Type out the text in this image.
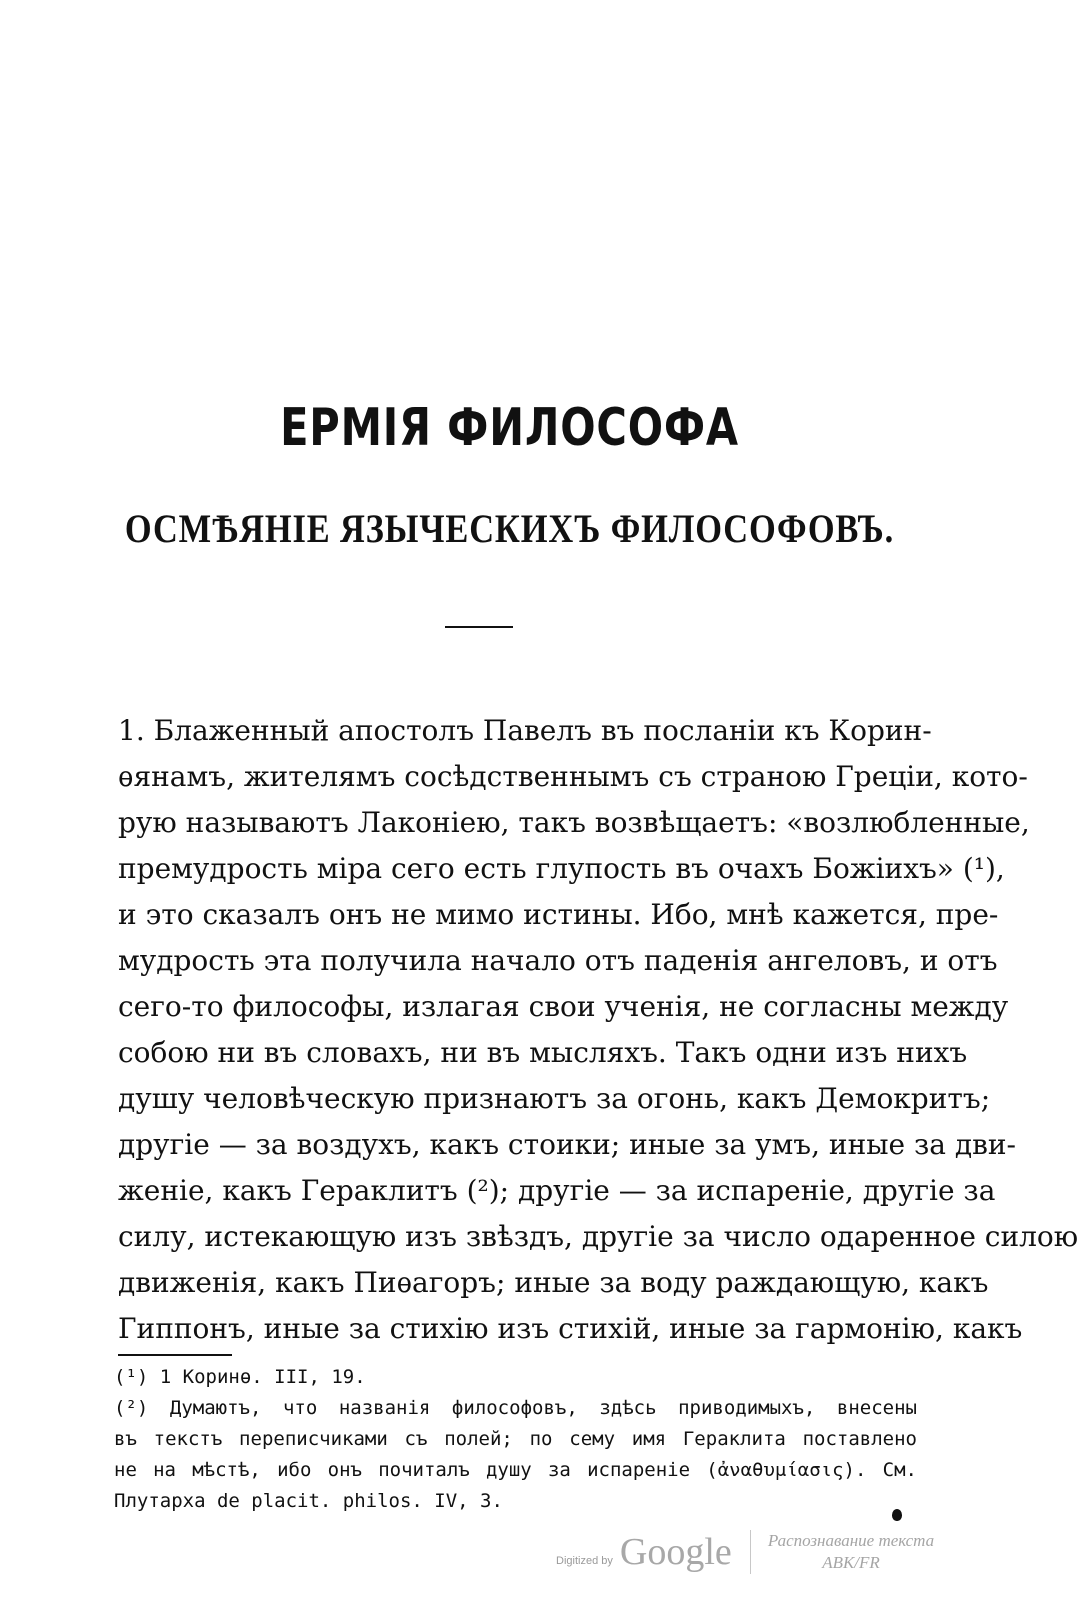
ЕРМІЯ ФИЛОСОФА
ОСМѢЯНІЕ ЯЗЫЧЕСКИХЪ ФИЛОСОФОВЪ.
1. Блаженный апостолъ Павелъ въ посланіи къ Корин-
ѳянамъ, жителямъ сосѣдственнымъ съ страною Греціи, кото-
рую называютъ Лаконіею, такъ возвѣщаетъ: «возлюбленные,
премудрость міра сего есть глупость въ очахъ Божіихъ» (¹),
и это сказалъ онъ не мимо истины. Ибо, мнѣ кажется, пре-
мудрость эта получила начало отъ паденія ангеловъ, и отъ
сего-то философы, излагая свои ученія, не согласны между
собою ни въ словахъ, ни въ мысляхъ. Такъ одни изъ нихъ
душу человѣческую признаютъ за огонь, какъ Демокритъ;
другіе — за воздухъ, какъ стоики; иные за умъ, иные за дви-
женіе, какъ Гераклитъ (²); другіе — за испареніе, другіе за
силу, истекающую изъ звѣздъ, другіе за число одаренное силою
движенія, какъ Пиѳагоръ; иные за воду раждающую, какъ
Гиппонъ, иные за стихію изъ стихій, иные за гармонію, какъ
(¹) 1 Коринѳ. III, 19.
(²) Думаютъ, что названія философовъ, здѣсь приводимыхъ, внесены
въ текстъ переписчиками съ полей; по сему имя Гераклита поставлено
не на мѣстѣ, ибо онъ почиталъ душу за испареніе (ἀναθυμίασις). См.
Плутарха de placit. philos. IV, 3.
Digitized by Google	Распознавание текста
ABK/FR
